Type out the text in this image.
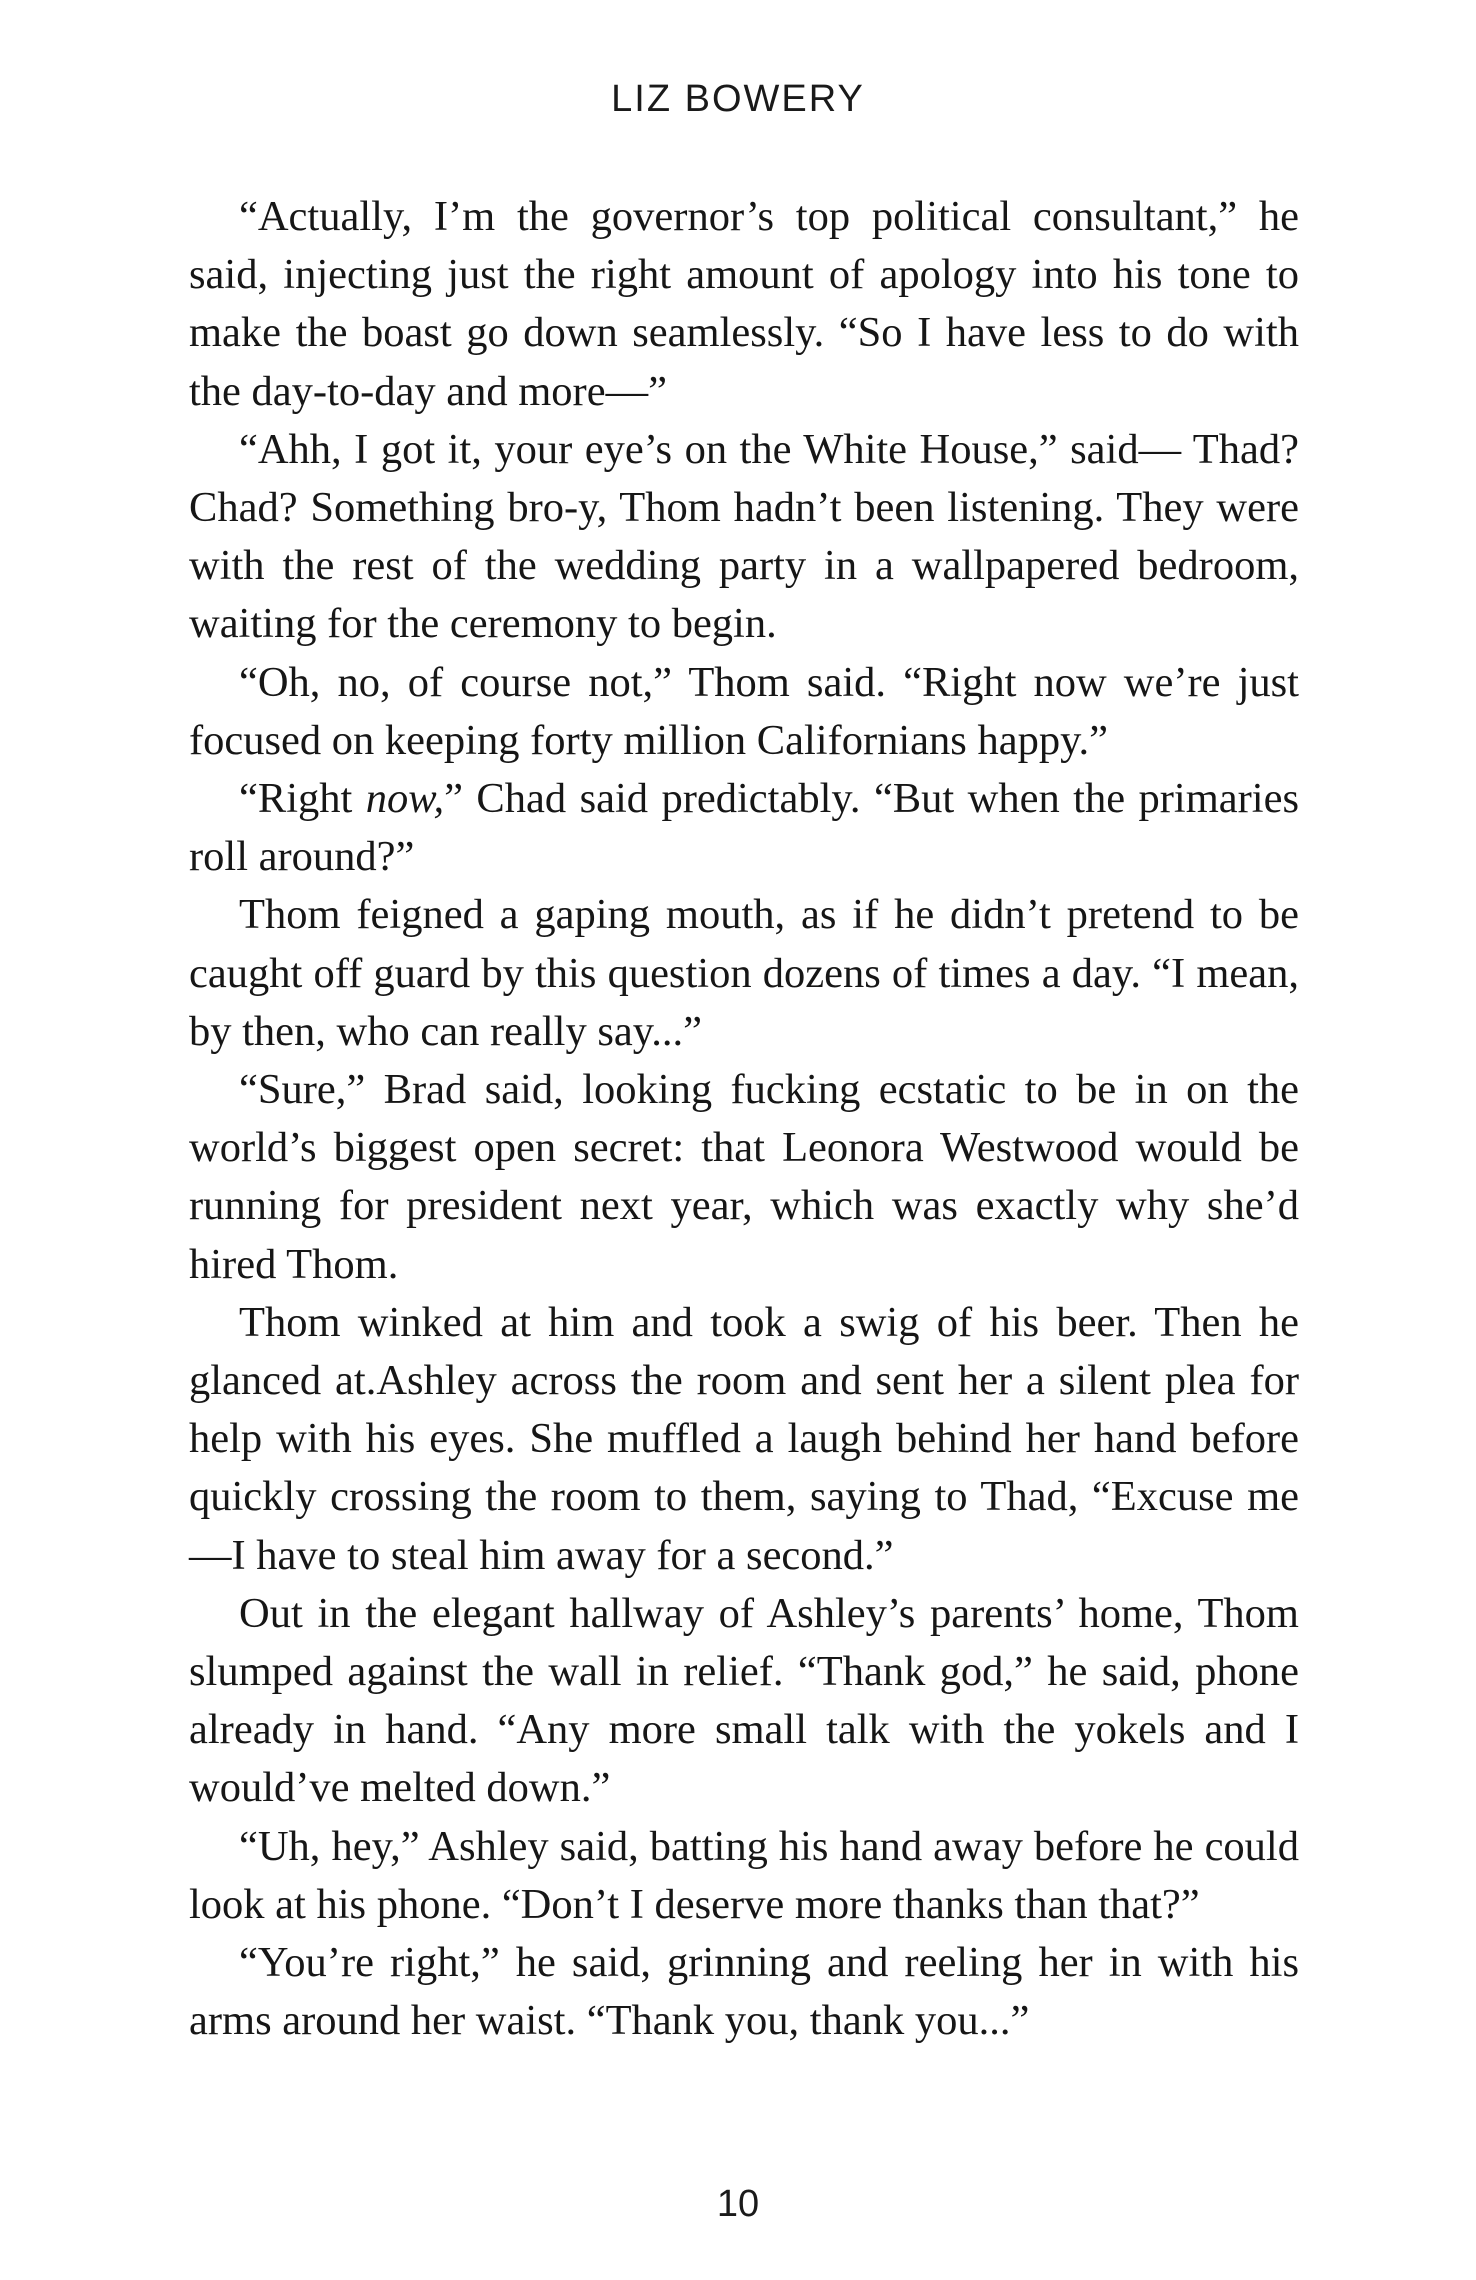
LIZ BOWERY

“Actually, I’m the governor’s top political consultant,” he said, injecting just the right amount of apology into his tone to make the boast go down seamlessly. “So I have less to do with the day-to-day and more—”

“Ahh, I got it, your eye’s on the White House,” said— Thad? Chad? Something bro-y, Thom hadn’t been listening. They were with the rest of the wedding party in a wallpapered bedroom, waiting for the ceremony to begin.

“Oh, no, of course not,” Thom said. “Right now we’re just focused on keeping forty million Californians happy.”

“Right now,” Chad said predictably. “But when the primaries roll around?”

Thom feigned a gaping mouth, as if he didn’t pretend to be caught off guard by this question dozens of times a day. “I mean, by then, who can really say...”

“Sure,” Brad said, looking fucking ecstatic to be in on the world’s biggest open secret: that Leonora Westwood would be running for president next year, which was exactly why she’d hired Thom.

Thom winked at him and took a swig of his beer. Then he glanced at.Ashley across the room and sent her a silent plea for help with his eyes. She muffled a laugh behind her hand before quickly crossing the room to them, saying to Thad, “Excuse me—I have to steal him away for a second.”

Out in the elegant hallway of Ashley’s parents’ home, Thom slumped against the wall in relief. “Thank god,” he said, phone already in hand. “Any more small talk with the yokels and I would’ve melted down.”

“Uh, hey,” Ashley said, batting his hand away before he could look at his phone. “Don’t I deserve more thanks than that?”

“You’re right,” he said, grinning and reeling her in with his arms around her waist. “Thank you, thank you...”

10
